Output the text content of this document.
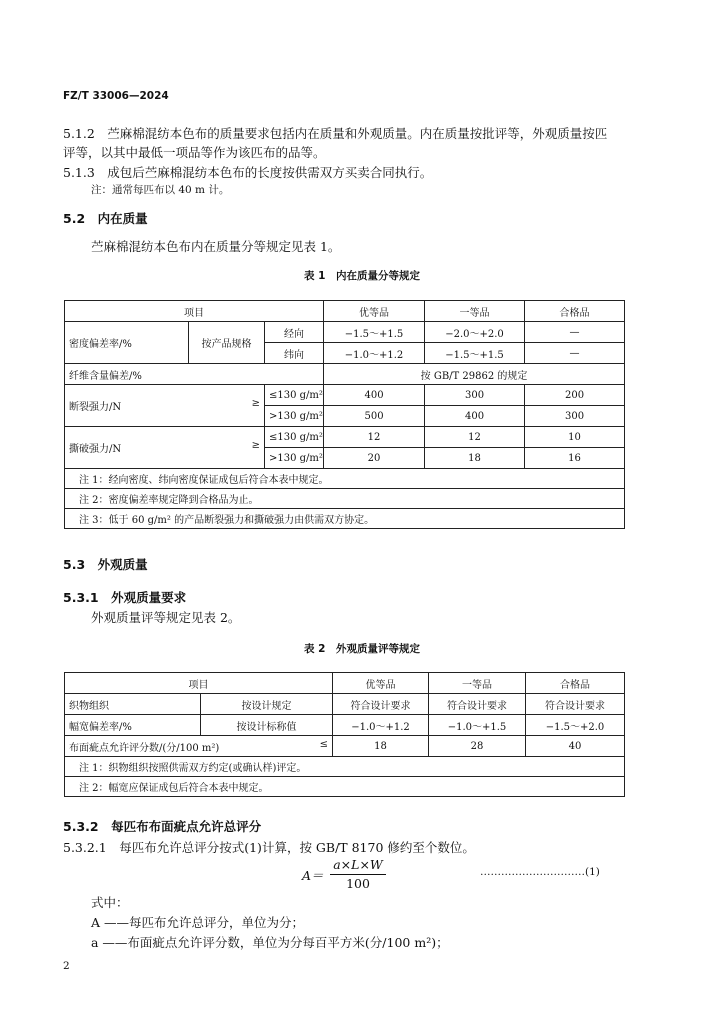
FZ/T 33006—2024
5.1.2　苎麻棉混纺本色布的质量要求包括内在质量和外观质量。内在质量按批评等，外观质量按匹
评等，以其中最低一项品等作为该匹布的品等。
5.1.3　成包后苎麻棉混纺本色布的长度按供需双方买卖合同执行。
注：通常每匹布以 40 m 计。
5.2　内在质量
苎麻棉混纺本色布内在质量分等规定见表 1。
表 1　内在质量分等规定
项目			优等品	一等品	合格品
密度偏差率/%	按产品规格	经向	−1.5～+1.5	−2.0～+2.0	—
		纬向	−1.0～+1.2	−1.5～+1.5	—
纤维含量偏差/%			按 GB/T 29862 的规定		
断裂强力/N ≥		≤130 g/m²	400	300	200
		>130 g/m²	500	400	300
撕破强力/N ≥		≤130 g/m²	12	12	10
		>130 g/m²	20	18	16
注 1：经向密度、纬向密度保证成包后符合本表中规定。					
注 2：密度偏差率规定降到合格品为止。					
注 3：低于 60 g/m² 的产品断裂强力和撕破强力由供需双方协定。					
5.3　外观质量
5.3.1　外观质量要求
外观质量评等规定见表 2。
表 2　外观质量评等规定
项目		优等品	一等品	合格品
织物组织	按设计规定	符合设计要求	符合设计要求	符合设计要求
幅宽偏差率/%	按设计标称值	−1.0～+1.2	−1.0～+1.5	−1.5～+2.0
布面疵点允许评分数/(分/100 m²) ≤		18	28	40
注 1：织物组织按照供需双方约定(或确认样)评定。				
注 2：幅宽应保证成包后符合本表中规定。				
5.3.2　每匹布布面疵点允许总评分
5.3.2.1　每匹布允许总评分按式(1)计算，按 GB/T 8170 修约至个数位。
A＝
a×L×W
100
…………………………(1)
式中：
A ——每匹布允许总评分，单位为分；
a ——布面疵点允许评分数，单位为分每百平方米(分/100 m²)；
2
